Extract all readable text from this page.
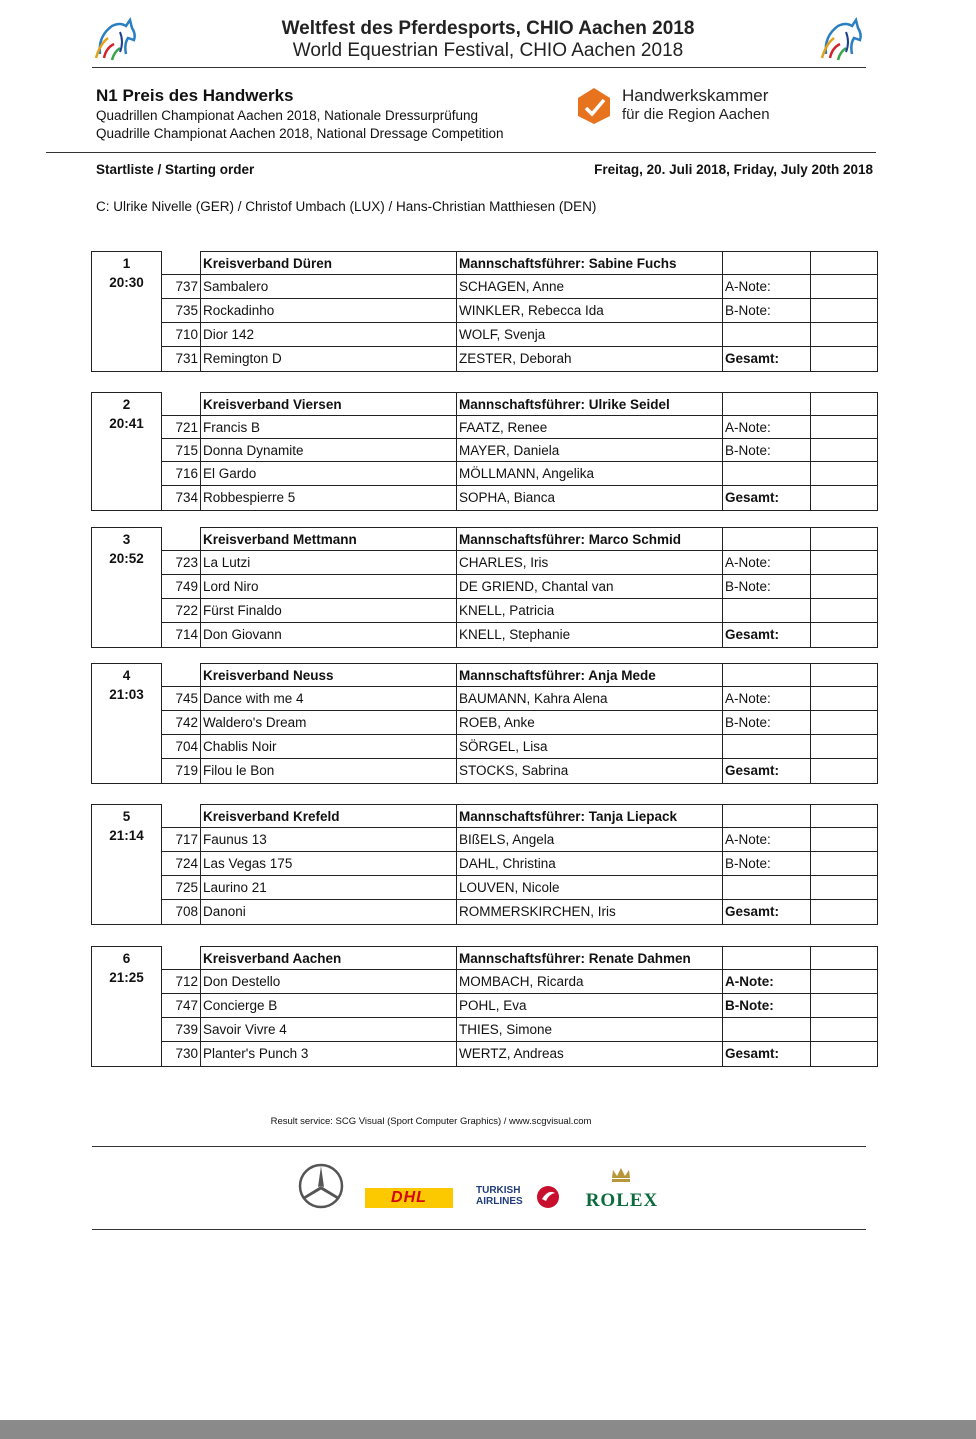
Weltfest des Pferdesports, CHIO Aachen 2018
World Equestrian Festival, CHIO Aachen 2018
N1 Preis des Handwerks
Quadrillen Championat Aachen 2018, Nationale Dressurprüfung
Quadrille Championat Aachen 2018, National Dressage Competition
Handwerkskammer
für die Region Aachen
Startliste / Starting order	Freitag, 20. Juli 2018, Friday, July 20th 2018
C: Ulrike Nivelle (GER) / Christof Umbach (LUX) / Hans-Christian Matthiesen (DEN)
1		Kreisverband Düren	Mannschaftsführer: Sabine Fuchs		
20:30	737	Sambalero	SCHAGEN, Anne	A-Note:	
	735	Rockadinho	WINKLER, Rebecca Ida	B-Note:	
	710	Dior 142	WOLF, Svenja		
	731	Remington D	ZESTER, Deborah	Gesamt:	
2		Kreisverband Viersen	Mannschaftsführer: Ulrike Seidel		
20:41	721	Francis B	FAATZ, Renee	A-Note:	
	715	Donna Dynamite	MAYER, Daniela	B-Note:	
	716	El Gardo	MÖLLMANN, Angelika		
	734	Robbespierre 5	SOPHA, Bianca	Gesamt:	
3		Kreisverband Mettmann	Mannschaftsführer: Marco Schmid		
20:52	723	La Lutzi	CHARLES, Iris	A-Note:	
	749	Lord Niro	DE GRIEND, Chantal van	B-Note:	
	722	Fürst Finaldo	KNELL, Patricia		
	714	Don Giovann	KNELL, Stephanie	Gesamt:	
4		Kreisverband Neuss	Mannschaftsführer: Anja Mede		
21:03	745	Dance with me 4	BAUMANN, Kahra Alena	A-Note:	
	742	Waldero's Dream	ROEB, Anke	B-Note:	
	704	Chablis Noir	SÖRGEL, Lisa		
	719	Filou le Bon	STOCKS, Sabrina	Gesamt:	
5		Kreisverband Krefeld	Mannschaftsführer: Tanja Liepack		
21:14	717	Faunus 13	BIßELS, Angela	A-Note:	
	724	Las Vegas 175	DAHL, Christina	B-Note:	
	725	Laurino 21	LOUVEN, Nicole		
	708	Danoni	ROMMERSKIRCHEN, Iris	Gesamt:	
6		Kreisverband Aachen	Mannschaftsführer: Renate Dahmen		
21:25	712	Don Destello	MOMBACH, Ricarda	A-Note:	
	747	Concierge B	POHL, Eva	B-Note:	
	739	Savoir Vivre 4	THIES, Simone		
	730	Planter's Punch 3	WERTZ, Andreas	Gesamt:	
Result service: SCG Visual (Sport Computer Graphics) / www.scgvisual.com
DHL	TURKISH
AIRLINES	ROLEX
